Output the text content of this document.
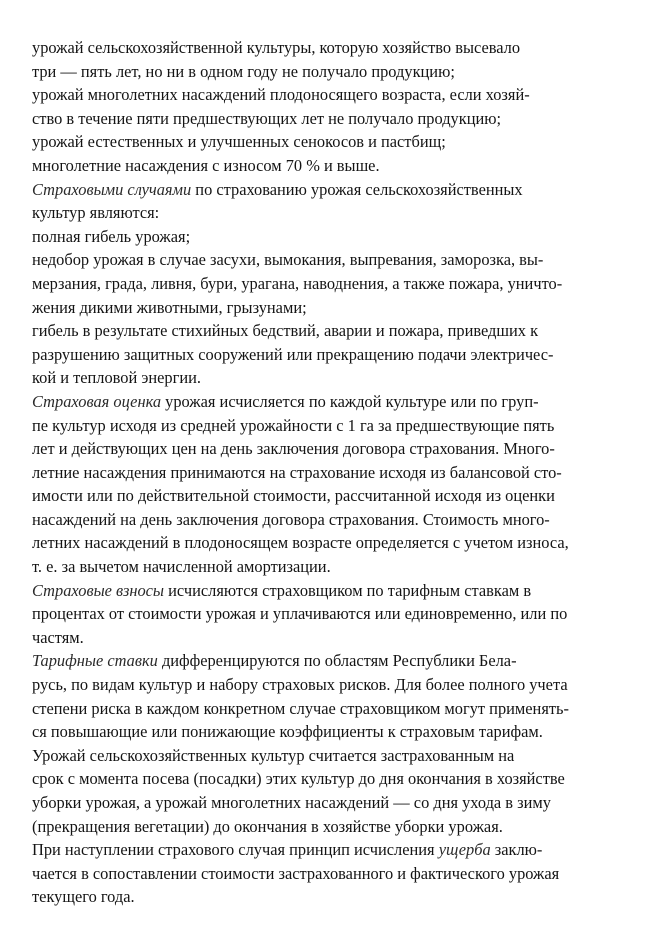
урожай сельскохозяйственной культуры, которую хозяйство высевало
три — пять лет, но ни в одном году не получало продукцию;

урожай многолетних насаждений плодоносящего возраста, если хозяй-
ство в течение пяти предшествующих лет не получало продукцию;

урожай естественных и улучшенных сенокосов и пастбищ;

многолетние насаждения с износом 70 % и выше.

Страховыми случаями по страхованию урожая сельскохозяйственных
культур являются:

полная гибель урожая;

недобор урожая в случае засухи, вымокания, выпревания, заморозка, вы-
мерзания, града, ливня, бури, урагана, наводнения, а также пожара, уничто-
жения дикими животными, грызунами;

гибель в результате стихийных бедствий, аварии и пожара, приведших к
разрушению защитных сооружений или прекращению подачи электричес-
кой и тепловой энергии.

Страховая оценка урожая исчисляется по каждой культуре или по груп-
пе культур исходя из средней урожайности с 1 га за предшествующие пять
лет и действующих цен на день заключения договора страхования. Много-
летние насаждения принимаются на страхование исходя из балансовой сто-
имости или по действительной стоимости, рассчитанной исходя из оценки
насаждений на день заключения договора страхования. Стоимость много-
летних насаждений в плодоносящем возрасте определяется с учетом износа,
т. е. за вычетом начисленной амортизации.

Страховые взносы исчисляются страховщиком по тарифным ставкам в
процентах от стоимости урожая и уплачиваются или единовременно, или по
частям.

Тарифные ставки дифференцируются по областям Республики Бела-
русь, по видам культур и набору страховых рисков. Для более полного учета
степени риска в каждом конкретном случае страховщиком могут применять-
ся повышающие или понижающие коэффициенты к страховым тарифам.

Урожай сельскохозяйственных культур считается застрахованным на
срок с момента посева (посадки) этих культур до дня окончания в хозяйстве
уборки урожая, а урожай многолетних насаждений — со дня ухода в зиму
(прекращения вегетации) до окончания в хозяйстве уборки урожая.

При наступлении страхового случая принцип исчисления ущерба заклю-
чается в сопоставлении стоимости застрахованного и фактического урожая
текущего года.
